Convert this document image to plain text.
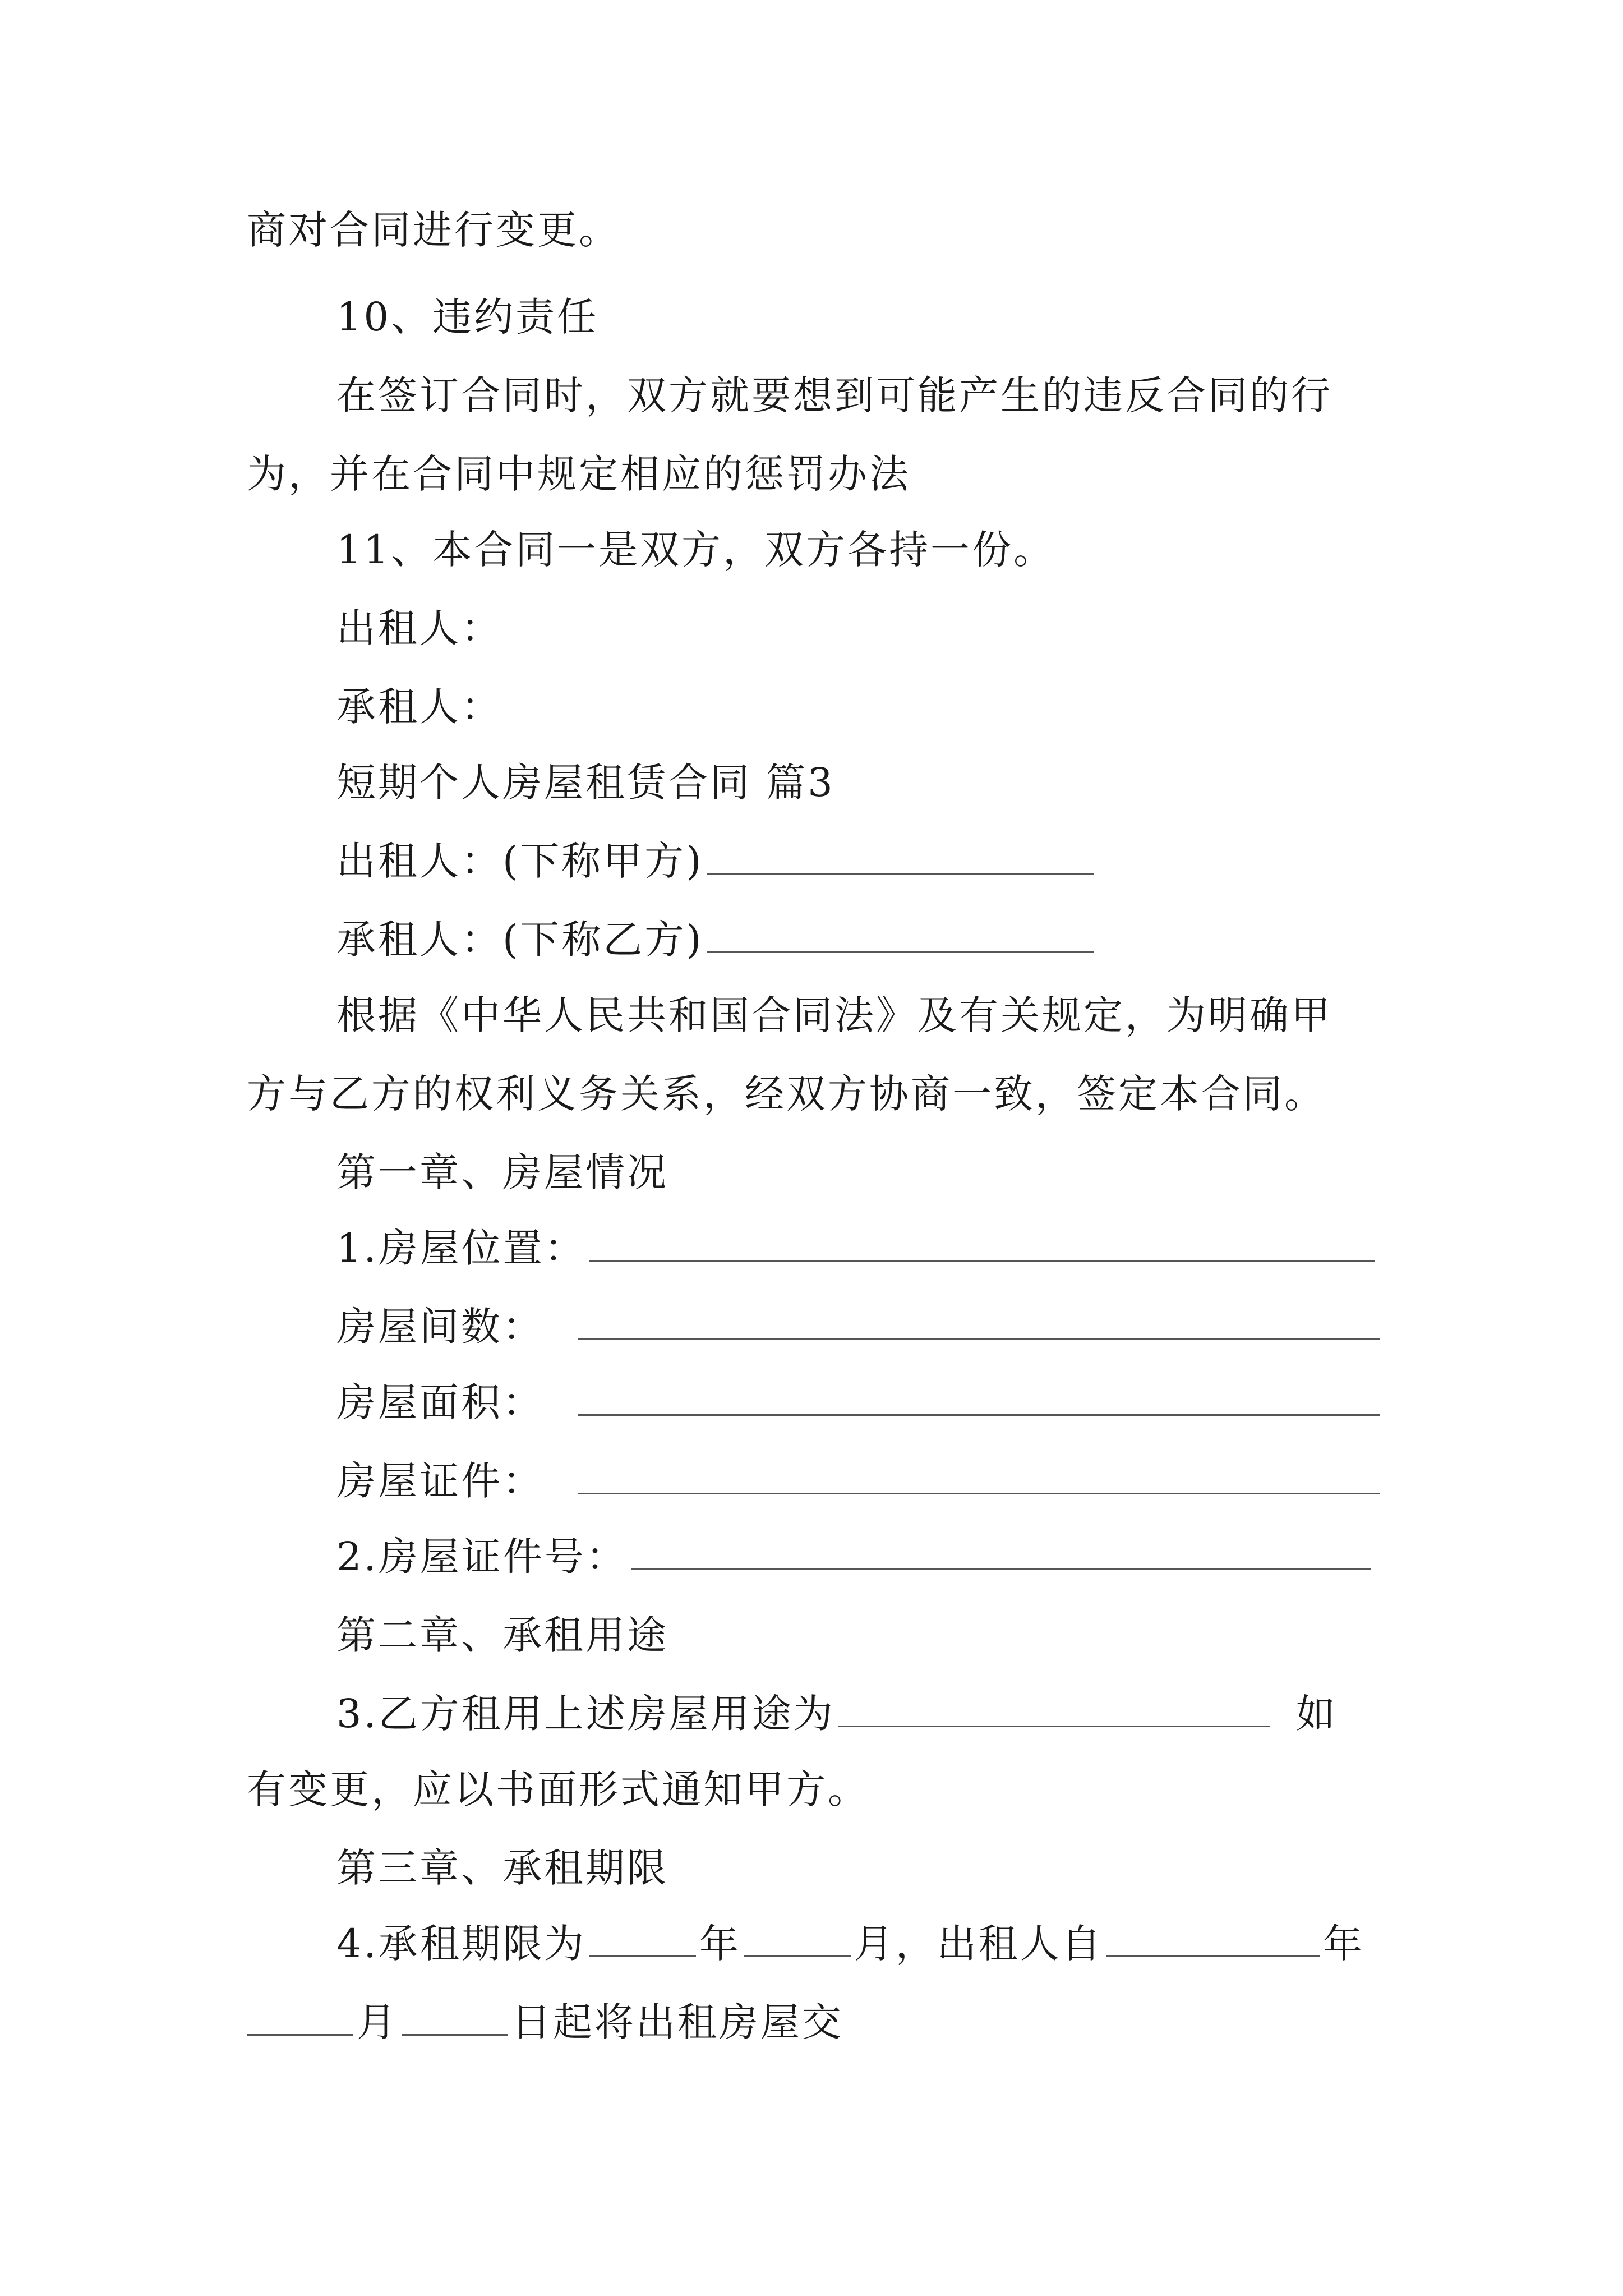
商对合同进行变更。
10、违约责任
在签订合同时，双方就要想到可能产生的违反合同的行
为，并在合同中规定相应的惩罚办法
11、本合同一是双方，双方各持一份。
出租人：
承租人：
短期个人房屋租赁合同 篇3
出租人：(下称甲方)
承租人：(下称乙方)
根据《中华人民共和国合同法》及有关规定，为明确甲
方与乙方的权利义务关系，经双方协商一致，签定本合同。
第一章、房屋情况
1.房屋位置：
房屋间数：
房屋面积：
房屋证件：
2.房屋证件号：
第二章、承租用途
3.乙方租用上述房屋用途为	如
有变更，应以书面形式通知甲方。
第三章、承租期限
4.承租期限为	年	月，出租人自	年
月	日起将出租房屋交
